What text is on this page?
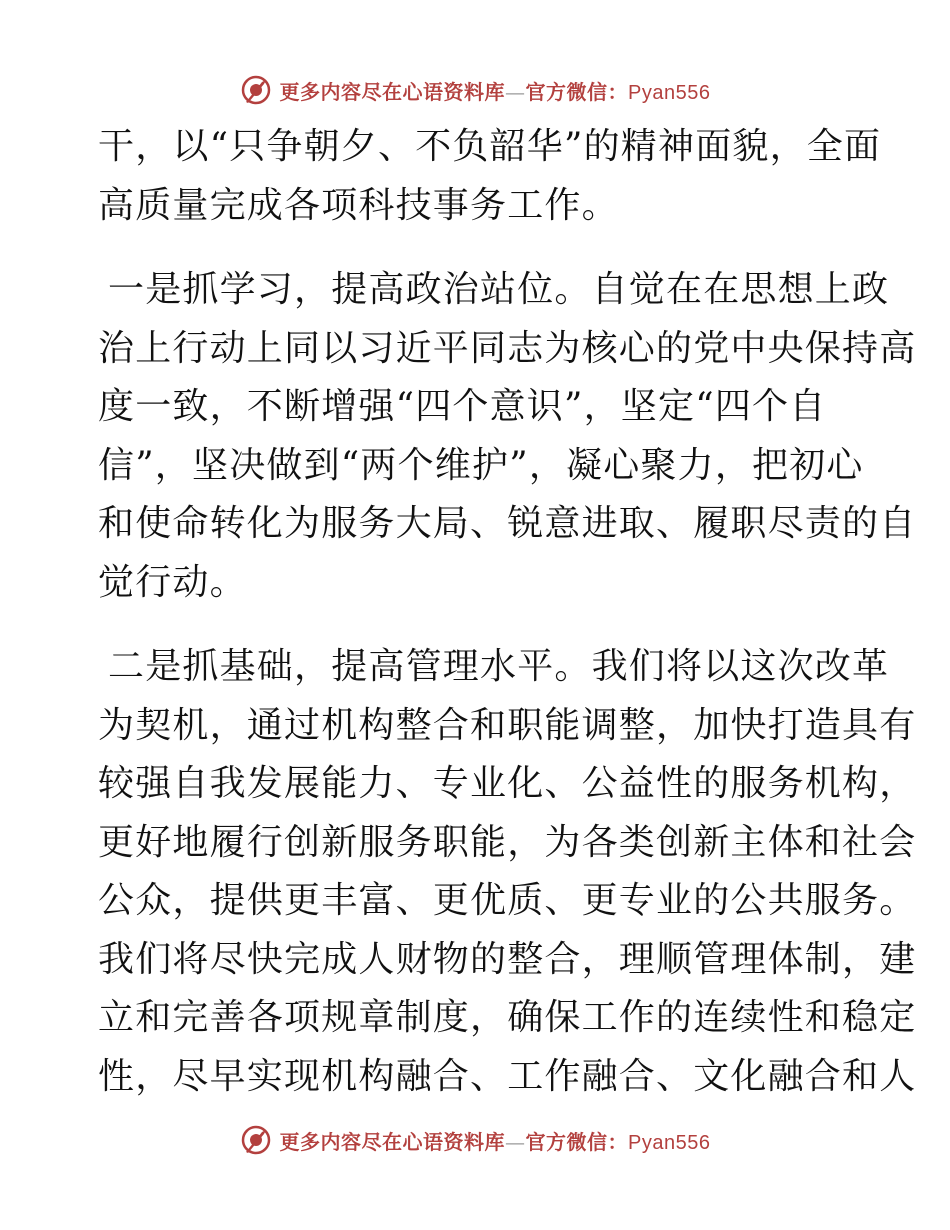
更多内容尽在心语资料库—官方微信：Pyan556
干，以“只争朝夕、不负韶华”的精神面貌，全面
高质量完成各项科技事务工作。
一是抓学习，提高政治站位。自觉在在思想上政
治上行动上同以习近平同志为核心的党中央保持高
度一致，不断增强“四个意识”，坚定“四个自
信”，坚决做到“两个维护”，凝心聚力，把初心
和使命转化为服务大局、锐意进取、履职尽责的自
觉行动。
二是抓基础，提高管理水平。我们将以这次改革
为契机，通过机构整合和职能调整，加快打造具有
较强自我发展能力、专业化、公益性的服务机构，
更好地履行创新服务职能，为各类创新主体和社会
公众，提供更丰富、更优质、更专业的公共服务。
我们将尽快完成人财物的整合，理顺管理体制，建
立和完善各项规章制度，确保工作的连续性和稳定
性，尽早实现机构融合、工作融合、文化融合和人
更多内容尽在心语资料库—官方微信：Pyan556
